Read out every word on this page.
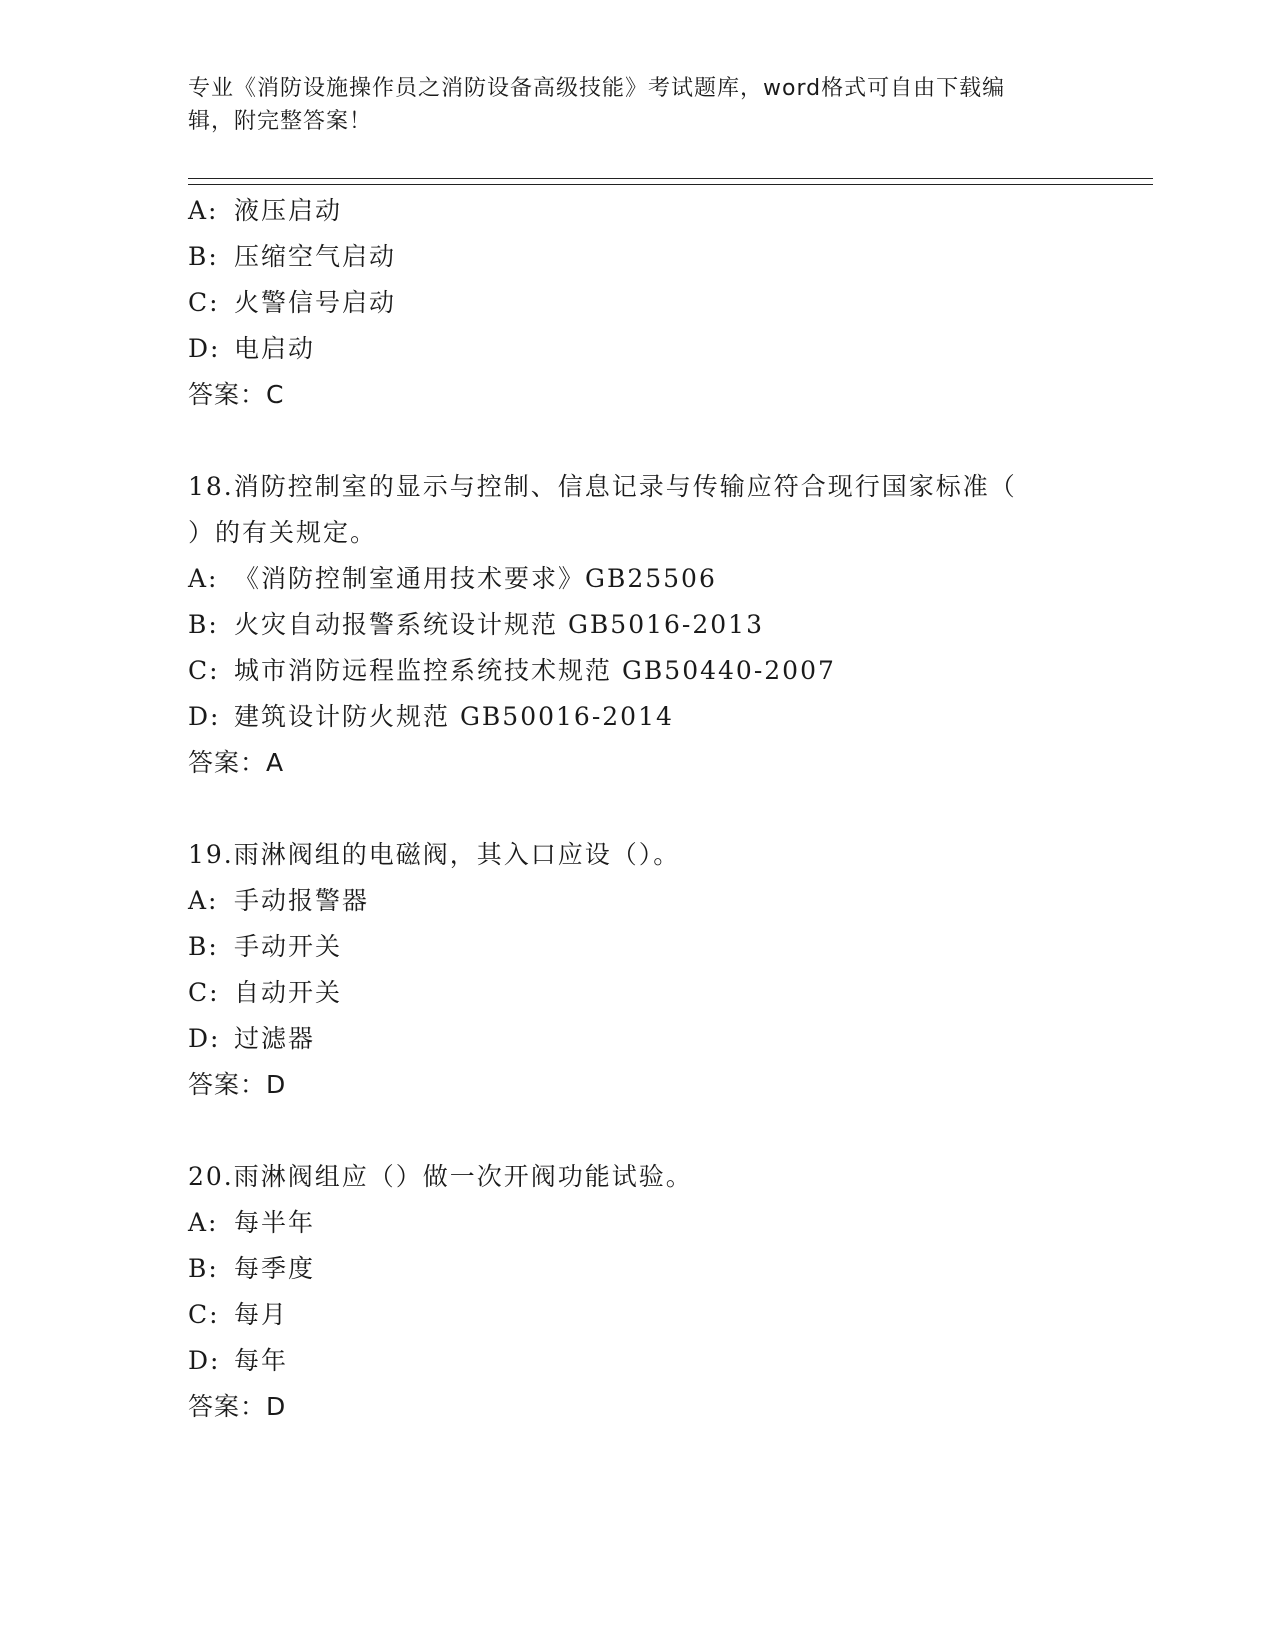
专业《消防设施操作员之消防设备高级技能》考试题库，word格式可自由下载编
辑，附完整答案！
A: 液压启动
B: 压缩空气启动
C: 火警信号启动
D: 电启动
答案：C
18.消防控制室的显示与控制、信息记录与传输应符合现行国家标准（
）的有关规定。
A: 《消防控制室通用技术要求》GB25506
B: 火灾自动报警系统设计规范 GB5016-2013
C: 城市消防远程监控系统技术规范 GB50440-2007
D: 建筑设计防火规范 GB50016-2014
答案：A
19.雨淋阀组的电磁阀，其入口应设（）。
A: 手动报警器
B: 手动开关
C: 自动开关
D: 过滤器
答案：D
20.雨淋阀组应（）做一次开阀功能试验。
A: 每半年
B: 每季度
C: 每月
D: 每年
答案：D
